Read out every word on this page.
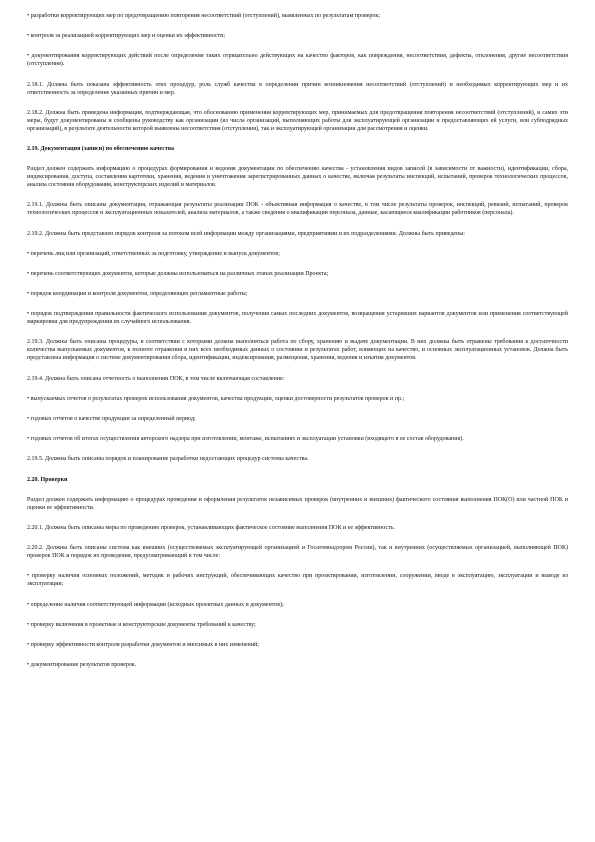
• разработки корректирующих мер по предотвращению повторения несоответствий (отступлений), выявленных по результатам проверок;

• контроля за реализацией корректирующих мер и оценки их эффективности;

• документирования корректирующих действий после определения таких отрицательно действующих на качество факторов, как повреждения, несоответствия, дефекты, отклонения, другие несоответствия (отступления).

2.18.1. Должна быть показана эффективность этих процедур, роль служб качества в определении причин возникновения несоответствий (отступлений) и необходимых корректирующих мер и их ответственность за определение указанных причин и мер.

2.18.2. Должна быть приведена информация, подтверждающая, что обоснованию применения корректирующих мер, принимаемых для предотвращения повторения несоответствий (отступлений), и самих эти меры, будут документированы и сообщены руководству как организации (из числа организаций, выполняющих работы для эксплуатирующей организации и предоставляющих ей услуги, или субподрядных организаций), в результате деятельности которой выявлены несоответствия (отступления), так и эксплуатирующей организации для рассмотрения и оценки.

2.19. Документация (записи) по обеспечению качества

Раздел должен содержать информацию о процедурах формирования и ведения документации по обеспечению качества - установления видов записей (в зависимости от важности), идентификации, сбора, индексирования, доступа, составления картотеки, хранения, ведения и уничтожения зарегистрированных данных о качестве, включая результаты инспекций, испытаний, проверок технологических процессов, анализа состояния оборудования, конструкторских изделий и материалов.

2.19.1. Должны быть описаны документация, отражающая результаты реализации ПОК - объективная информация о качестве, в том числе результаты проверок, инспекций, ревизий, испытаний, проверок технологических процессов и эксплуатационных показателей, анализа материалов, а также сведения о квалификации персонала, данные, касающиеся квалификации работников (персонала).

2.19.2. Должны быть представлен порядок контроля за потоком всей информации между организациями, предприятиями и их подразделениями. Должны быть приведены:

• перечень лиц или организаций, ответственных за подготовку, утверждение и выпуск документов;

• перечень соответствующих документов, которые должны использоваться на различных этапах реализации Проекта;

• порядок координации и контроля документов, определяющих регламентные работы;

• порядок подтверждения правильности фактического использования документов, получения самых последних документов, возвращения устаревших вариантов документов или применения соответствующей маркировки для предупреждения их случайного использования.

2.19.3. Должны быть описаны процедуры, в соответствии с которыми должна выполняться работа по сбору, хранению и выдаче документации. В них должны быть отражены требования к достаточности количества выпускаемых документов, к полноте отражения в них всех необходимых данных о состоянии и результатах работ, влияющих на качество, и основных эксплуатационных установок. Должна быть представлена информация о системе документирования сбора, идентификации, индексирования, размещения, хранения, ведения и изъятия документов.

2.19.4. Должна быть описана отчетность о выполнении ПОК, в том числе включающая составление:

• выпускаемых отчетов о результатах проверок использования документов, качества продукции, оценки достоверности результатов проверок и пр.;

• годовых отчетов о качестве продукции за определенный период;

• годовых отчетов об итогах осуществления авторского надзора при изготовлении, монтаже, испытаниях и эксплуатации установки (входящего в ее состав оборудования).

2.19.5. Должны быть описаны порядок и планирование разработки недостающих процедур системы качества.

2.20. Проверки

Раздел должен содержать информацию о процедурах проведения и оформления результатов независимых проверок (внутренних и внешних) фактического состояния выполнения ПОК(О) или частной ПОК и оценки ее эффективности.

2.20.1. Должны быть описаны меры по проведению проверок, устанавливающих фактическое состояние выполнения ПОК и ее эффективность.

2.20.2. Должны быть описаны система как внешних (осуществляемых эксплуатирующей организацией и Госатомнадзором России), так и внутренних (осуществляемых организацией, выполняющей ПОК) проверок ПОК и порядок их проведения, предусматривающий в том числе:

• проверку наличия основных положений, методик и рабочих инструкций, обеспечивающих качество при проектировании, изготовлении, сооружении, вводе в эксплуатацию, эксплуатации и выводе из эксплуатации;

• определение наличия соответствующей информации (исходных проектных данных и документов);

• проверку включения в проектные и конструкторские документы требований к качеству;

• проверку эффективности контроля разработки документов и вносимых в них изменений;

• документирование результатов проверок.
